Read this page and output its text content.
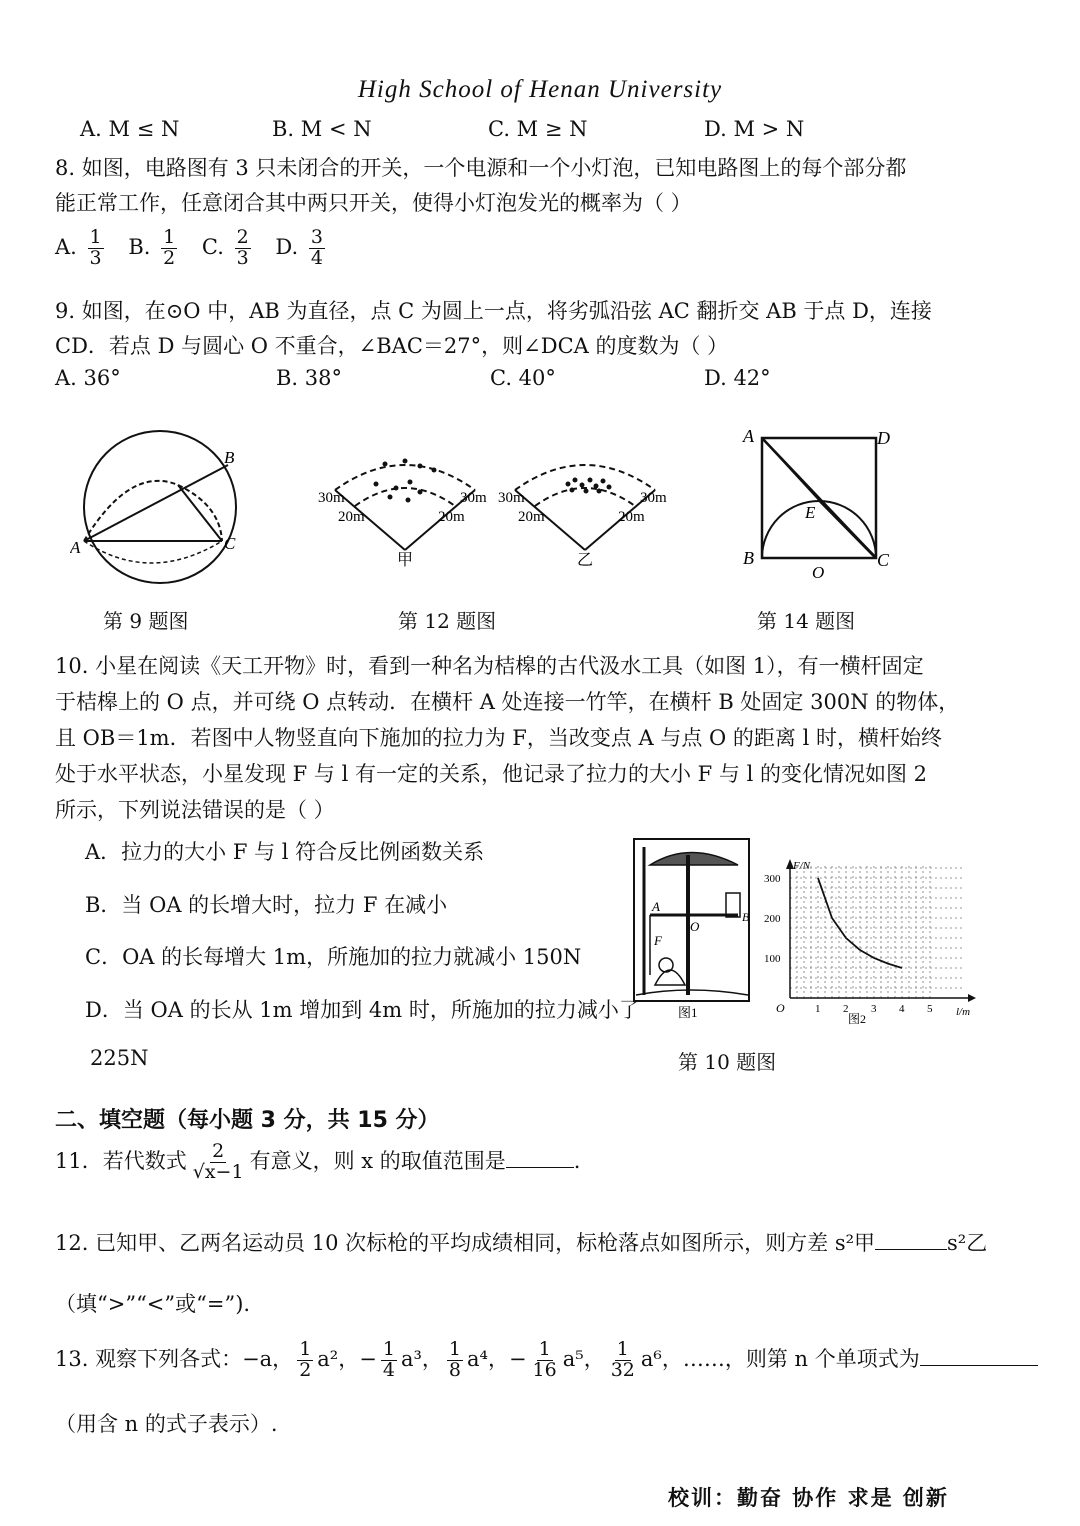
High School of Henan University
A. M ≤ N	B. M < N	C. M ≥ N	D. M > N
8. 如图，电路图有 3 只未闭合的开关，一个电源和一个小灯泡，已知电路图上的每个部分都
能正常工作，任意闭合其中两只开关，使得小灯泡发光的概率为（ ）
A. $\frac{1}{3} B$. $\frac{1}{2} C$. $\frac{2}{3} D$. $\frac{3}{4}$
9. 如图，在⊙O 中，AB 为直径，点 C 为圆上一点，将劣弧沿弦 AC 翻折交 AB 于点 D，连接
CD．若点 D 与圆心 O 不重合，∠BAC＝27°，则∠DCA 的度数为（ ）
A. 36°	B. 38°	C. 40°	D. 42°
B
A	C
30m
20m
30m
20m
甲
30m
20m
30m
20m
乙
A	D
B	C
E
O
第 9 题图	第 12 题图	第 14 题图
10. 小星在阅读《天工开物》时，看到一种名为桔槔的古代汲水工具（如图 1），有一横杆固定
于桔槔上的 O 点，并可绕 O 点转动．在横杆 A 处连接一竹竿，在横杆 B 处固定 300N 的物体，
且 OB＝1m．若图中人物竖直向下施加的拉力为 F，当改变点 A 与点 O 的距离 l 时，横杆始终
处于水平状态，小星发现 F 与 l 有一定的关系，他记录了拉力的大小 F 与 l 的变化情况如图 2
所示，下列说法错误的是（ ）
A．拉力的大小 F 与 l 符合反比例函数关系
B．当 OA 的长增大时，拉力 F 在减小
C．OA 的长每增大 1m，所施加的拉力就减小 150N
D．当 OA 的长从 1m 增加到 4m 时，所施加的拉力减小了
225N
A
O
B
F
图1
F/N
l/m
O	1 2 3 4 5
100
200
300
图2
第 10 题图
二、填空题（每小题 3 分，共 15 分）
11．若代数式 $\frac{2}{√x-1}$ 有意义，则 x 的取值范围是	.
12. 已知甲、乙两名运动员 10 次标枪的平均成绩相同，标枪落点如图所示，则方差 s²甲	s²乙
（填“>”“<”或“=”).
13. 观察下列各式：−a， $\frac{1}{2} a^2$，− $\frac{1}{4} a^3$， $\frac{1}{8} a^4$，− $\frac{1}{16} a^5$， $\frac{1}{32} a^6$，……，则第 n 个单项式为
（用含 n 的式子表示）.
校训：勤奋 协作 求是 创新
